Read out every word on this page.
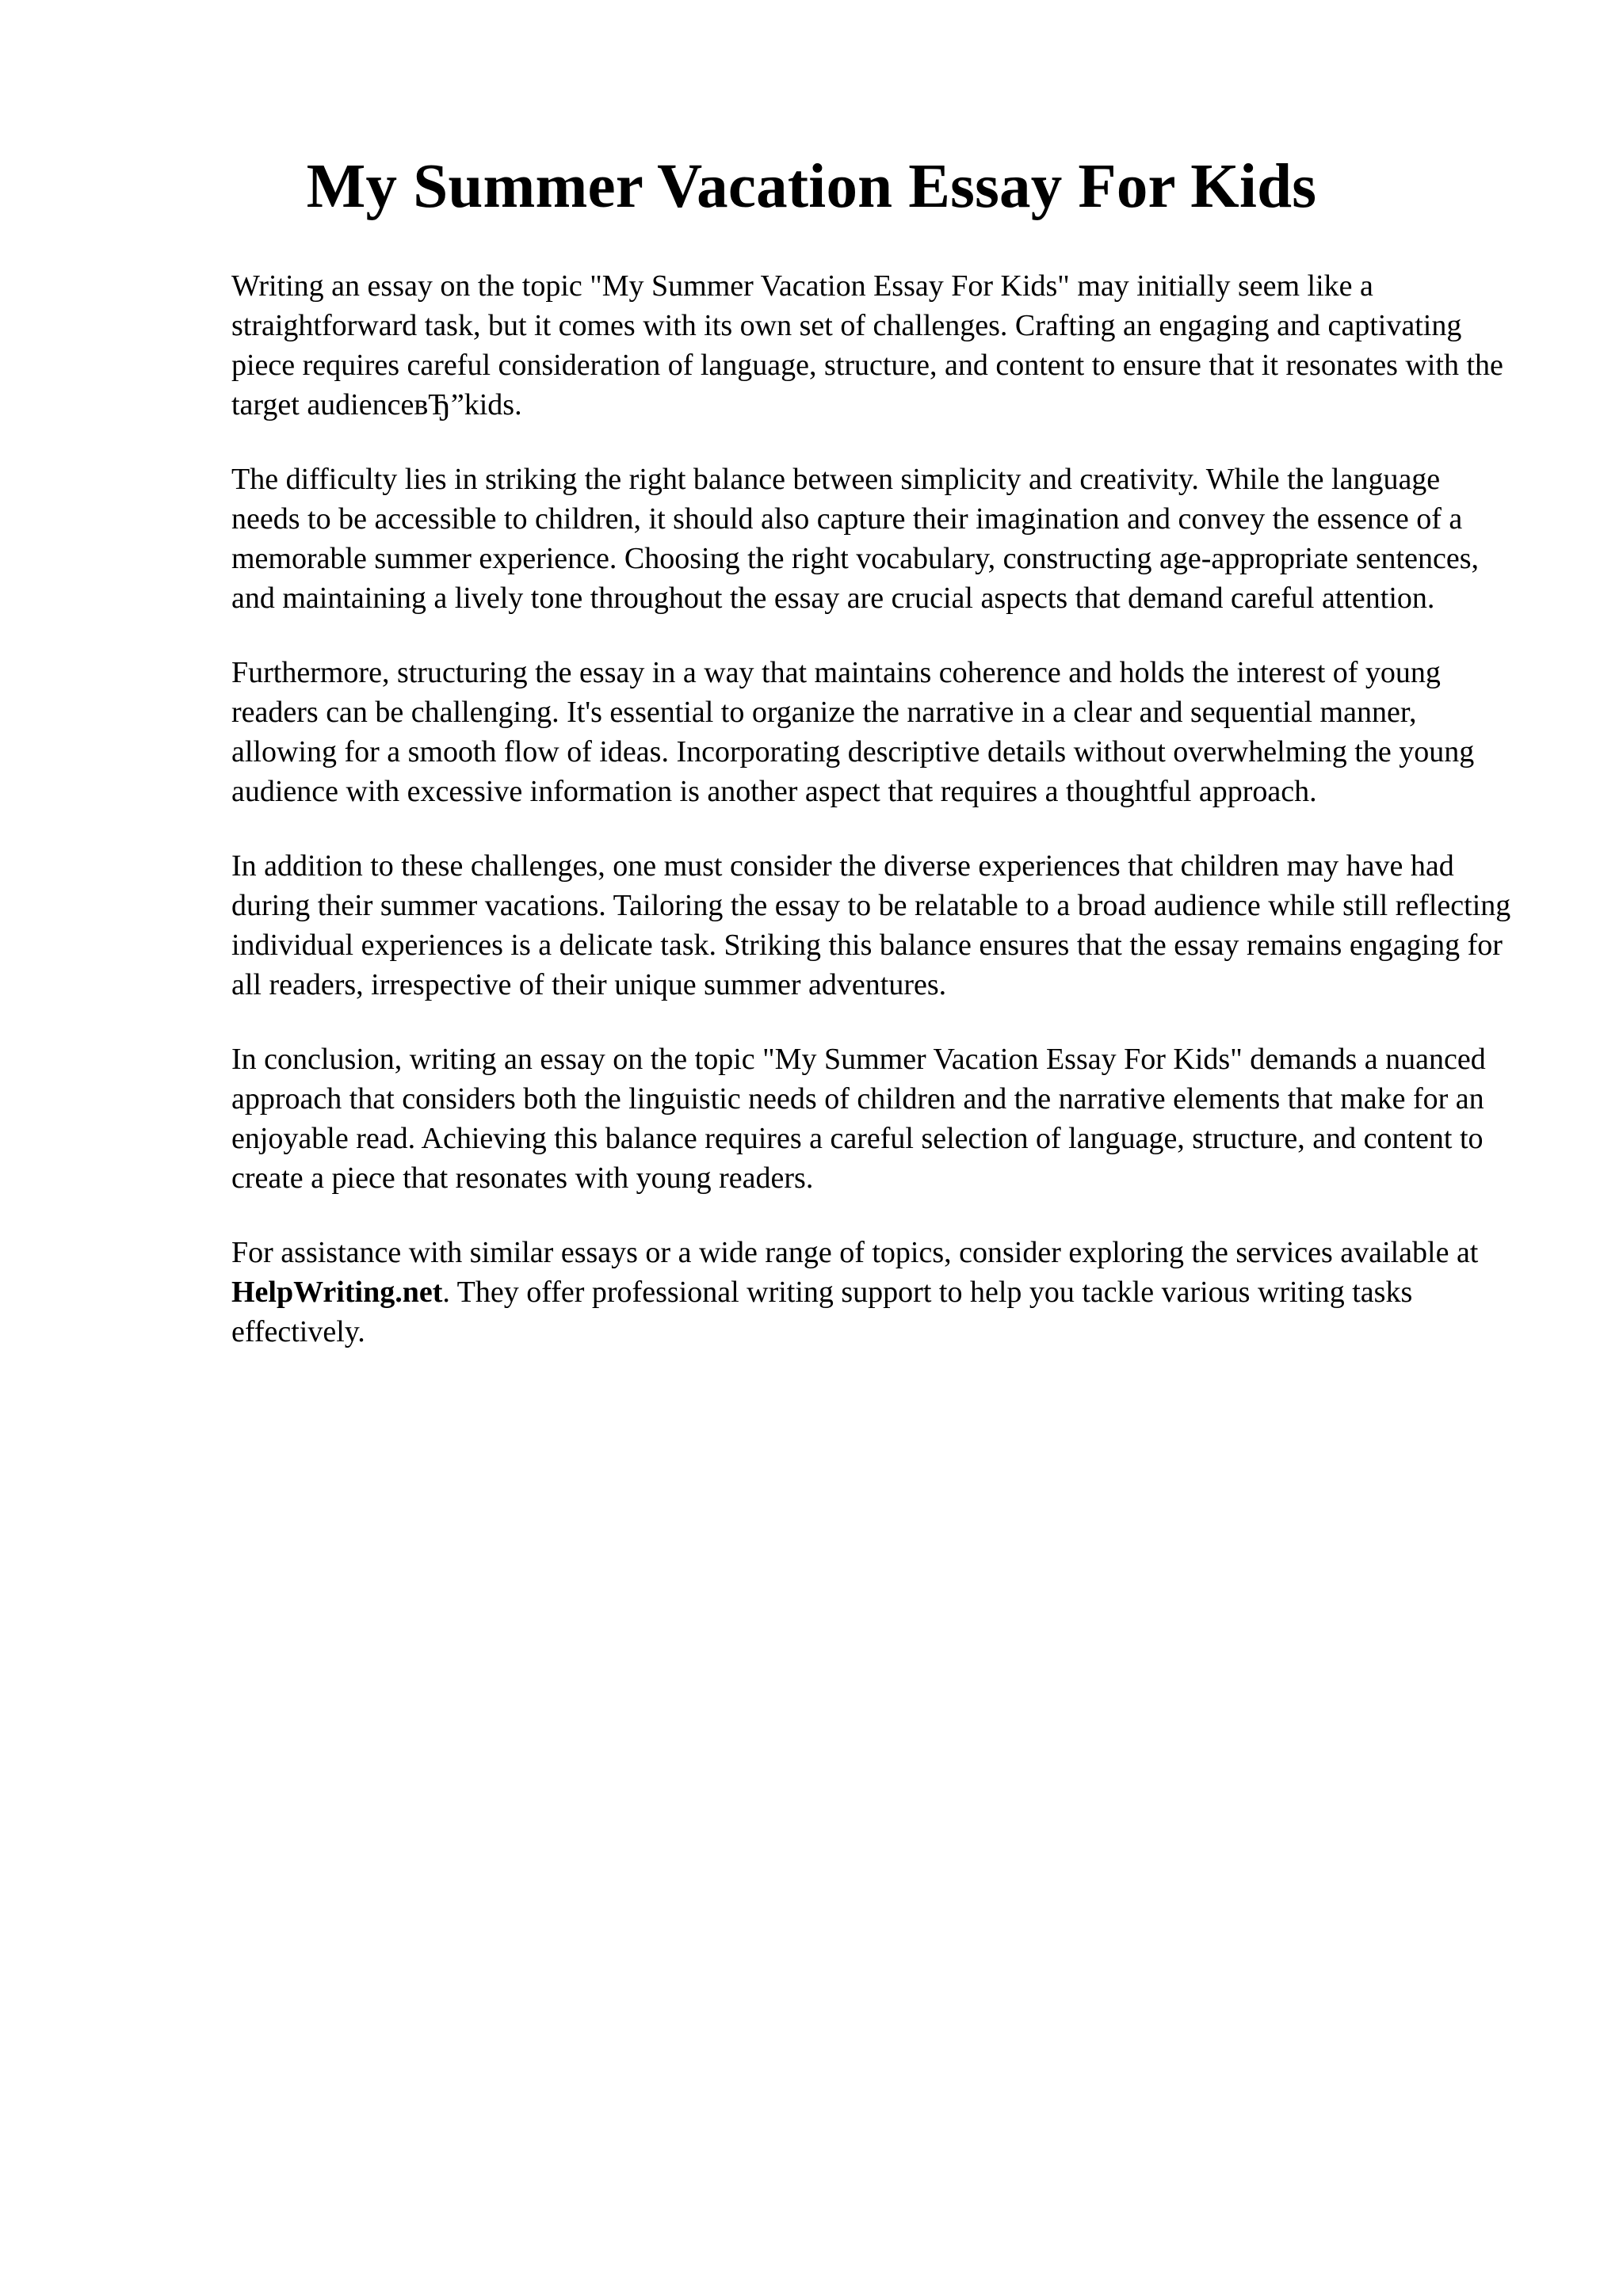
My Summer Vacation Essay For Kids

Writing an essay on the topic "My Summer Vacation Essay For Kids" may initially seem like a straightforward task, but it comes with its own set of challenges. Crafting an engaging and captivating piece requires careful consideration of language, structure, and content to ensure that it resonates with the target audienceвЂ”kids.

The difficulty lies in striking the right balance between simplicity and creativity. While the language needs to be accessible to children, it should also capture their imagination and convey the essence of a memorable summer experience. Choosing the right vocabulary, constructing age-appropriate sentences, and maintaining a lively tone throughout the essay are crucial aspects that demand careful attention.

Furthermore, structuring the essay in a way that maintains coherence and holds the interest of young readers can be challenging. It's essential to organize the narrative in a clear and sequential manner, allowing for a smooth flow of ideas. Incorporating descriptive details without overwhelming the young audience with excessive information is another aspect that requires a thoughtful approach.

In addition to these challenges, one must consider the diverse experiences that children may have had during their summer vacations. Tailoring the essay to be relatable to a broad audience while still reflecting individual experiences is a delicate task. Striking this balance ensures that the essay remains engaging for all readers, irrespective of their unique summer adventures.

In conclusion, writing an essay on the topic "My Summer Vacation Essay For Kids" demands a nuanced approach that considers both the linguistic needs of children and the narrative elements that make for an enjoyable read. Achieving this balance requires a careful selection of language, structure, and content to create a piece that resonates with young readers.

For assistance with similar essays or a wide range of topics, consider exploring the services available at HelpWriting.net. They offer professional writing support to help you tackle various writing tasks effectively.
